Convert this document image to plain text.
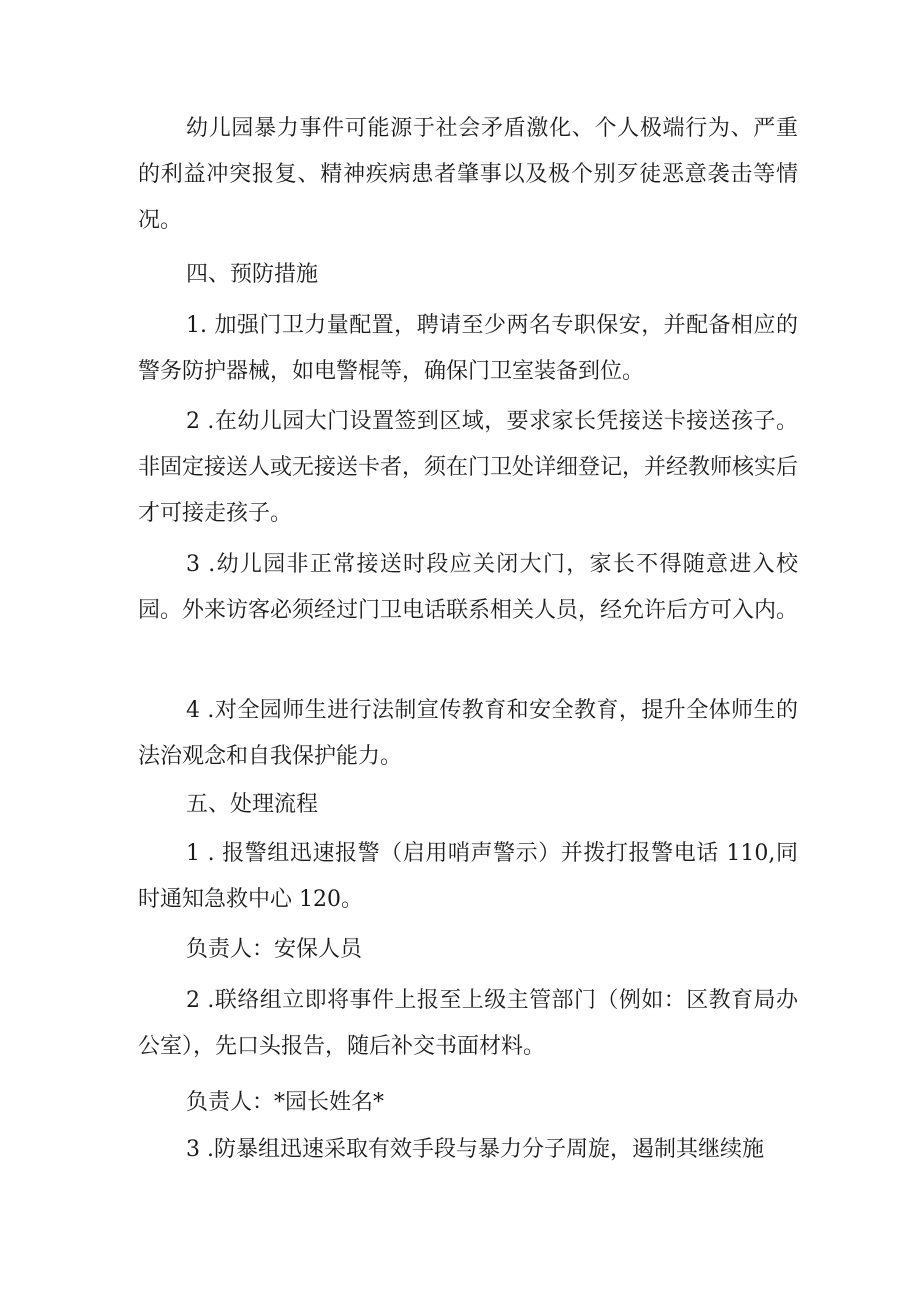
幼儿园暴力事件可能源于社会矛盾激化、个人极端行为、严重的利益冲突报复、精神疾病患者肇事以及极个别歹徒恶意袭击等情况。

四、预防措施

1. 加强门卫力量配置，聘请至少两名专职保安，并配备相应的警务防护器械，如电警棍等，确保门卫室装备到位。

2 .在幼儿园大门设置签到区域，要求家长凭接送卡接送孩子。非固定接送人或无接送卡者，须在门卫处详细登记，并经教师核实后才可接走孩子。

3 .幼儿园非正常接送时段应关闭大门，家长不得随意进入校园。外来访客必须经过门卫电话联系相关人员，经允许后方可入内。

4 .对全园师生进行法制宣传教育和安全教育，提升全体师生的法治观念和自我保护能力。

五、处理流程

1 . 报警组迅速报警（启用哨声警示）并拨打报警电话 110,同时通知急救中心 120。

负责人：安保人员

2 .联络组立即将事件上报至上级主管部门（例如：区教育局办公室），先口头报告，随后补交书面材料。

负责人：*园长姓名*

3 .防暴组迅速采取有效手段与暴力分子周旋，遏制其继续施
